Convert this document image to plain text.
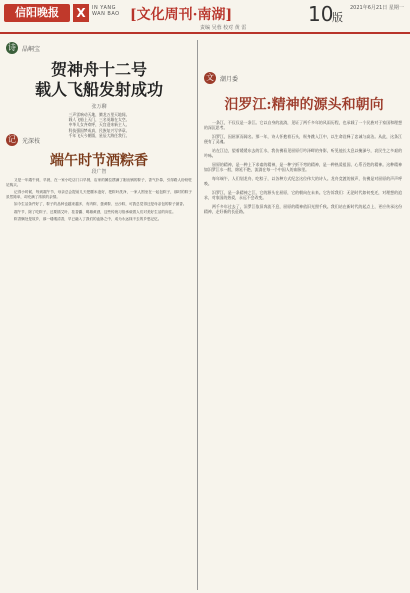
信阳晚报	X	IN YANG
WAN BAO [文化周刊·南湖]	10
版
2021年6月21日 星期一
责编 吴蓉 校对 黄 雷
诗	晶峒宝
贺神舟十二号
载人飞船发射成功
张万聊
三声雷响动天地，腾龙万里天地间。
载人飞船上天门，三名英雄在太空。
中华儿女齐欢呼，天宫迎来新主人。
科技强国梦成真，民族复兴写华章。
千年飞天今朝圆，星辰大海任我行。
记	光深枝
端午时节酒粽香
段广智

又是一年端午到，早晨，在一家小吃店门口早餐，店家的摊位摆满了刚出锅的粽子，香气扑鼻，引得路人纷纷驻足购买。

记得小时候，每到端午节，母亲总会提前几天把糯米泡好，把粽叶洗净，一家人围坐在一起包粽子，那时的粽子虽然简单，却充满了浓浓的亲情。

如今生活条件好了，粽子的品种也越来越多，有肉粽、蛋黄粽、豆沙粽，可我总觉得还是母亲包的粽子最香。

端午节，除了吃粽子，还要插艾叶、挂香囊、喝雄黄酒，这些传统习俗承载着人们对美好生活的向往。

粽香飘处是故乡，那一缕缕清香，早已融入了我们的血脉之中，成为永远抹不去的乡愁记忆。

文	潮月委
汨罗江:精神的源头和朝向

一条江，不仅仅是一条江。它以自身的流淌，见证了两千多年的风雨历程，也承载了一个民族对于家国和理想的深沉思考。

汨罗江，因屈原而闻名。那一年，诗人怀抱着石头，纵身跳入江中，以生命诠释了忠诚与高洁。从此，这条江便有了灵魂。

站在江边，望着缓缓东去的江水，我仿佛看见屈原行吟泽畔的身影，听见他长太息以掩涕兮，哀民生之多艰的吟咏。

屈原的精神，是一种上下求索的精神，是一种宁折不弯的精神，是一种热爱祖国、心系百姓的精神。这种精神如汨罗江水一般，绵延不绝，流淌在每一个中国人的血脉里。

每年端午，人们划龙舟、吃粽子，以各种方式纪念这位伟大的诗人。龙舟竞渡的鼓声，仿佛是对屈原的声声呼唤。

汨罗江，是一条精神之江，它的源头在屈原，它的朝向在未来。它告诉我们：无论时代如何变迁，对理想的追求，对家国的热爱，永远不会改变。

两千多年过去了，汨罗江依旧奔流不息，屈原的精神依旧光照千秋。我们站在新时代的起点上，更应传承这份精神，走好新的长征路。
